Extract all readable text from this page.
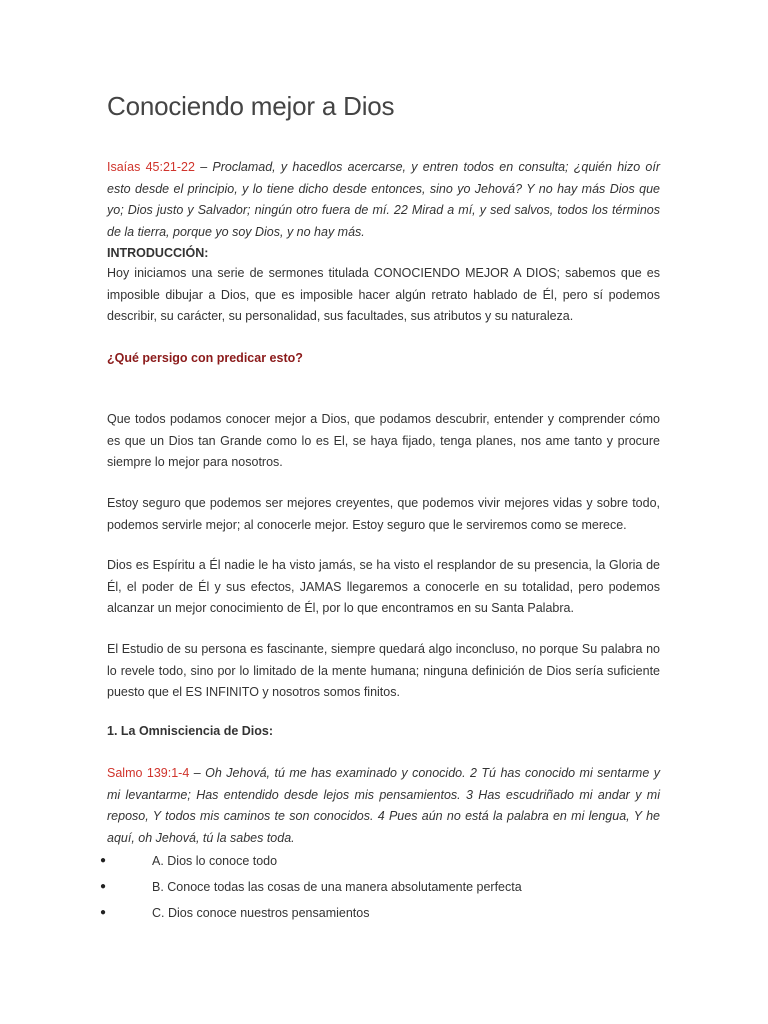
Conociendo mejor a Dios

Isaías 45:21-22 – Proclamad, y hacedlos acercarse, y entren todos en consulta; ¿quién hizo oír esto desde el principio, y lo tiene dicho desde entonces, sino yo Jehová? Y no hay más Dios que yo; Dios justo y Salvador; ningún otro fuera de mí. 22 Mirad a mí, y sed salvos, todos los términos de la tierra, porque yo soy Dios, y no hay más.

INTRODUCCIÓN:

Hoy iniciamos una serie de sermones titulada CONOCIENDO MEJOR A DIOS; sabemos que es imposible dibujar a Dios, que es imposible hacer algún retrato hablado de Él, pero sí podemos describir, su carácter, su personalidad, sus facultades, sus atributos y su naturaleza.

¿Qué persigo con predicar esto?

Que todos podamos conocer mejor a Dios, que podamos descubrir, entender y comprender cómo es que un Dios tan Grande como lo es El, se haya fijado, tenga planes, nos ame tanto y procure siempre lo mejor para nosotros.

Estoy seguro que podemos ser mejores creyentes, que podemos vivir mejores vidas y sobre todo, podemos servirle mejor; al conocerle mejor. Estoy seguro que le serviremos como se merece.

Dios es Espíritu a Él nadie le ha visto jamás, se ha visto el resplandor de su presencia, la Gloria de Él, el poder de Él y sus efectos, JAMAS llegaremos a conocerle en su totalidad, pero podemos alcanzar un mejor conocimiento de Él, por lo que encontramos en su Santa Palabra.

El Estudio de su persona es fascinante, siempre quedará algo inconcluso, no porque Su palabra no lo revele todo, sino por lo limitado de la mente humana; ninguna definición de Dios sería suficiente puesto que el ES INFINITO y nosotros somos finitos.

1. La Omnisciencia de Dios:

Salmo 139:1-4 – Oh Jehová, tú me has examinado y conocido. 2 Tú has conocido mi sentarme y mi levantarme; Has entendido desde lejos mis pensamientos. 3 Has escudriñado mi andar y mi reposo, Y todos mis caminos te son conocidos. 4 Pues aún no está la palabra en mi lengua, Y he aquí, oh Jehová, tú la sabes toda.

●	A. Dios lo conoce todo
●	B. Conoce todas las cosas de una manera absolutamente perfecta
●	C. Dios conoce nuestros pensamientos
